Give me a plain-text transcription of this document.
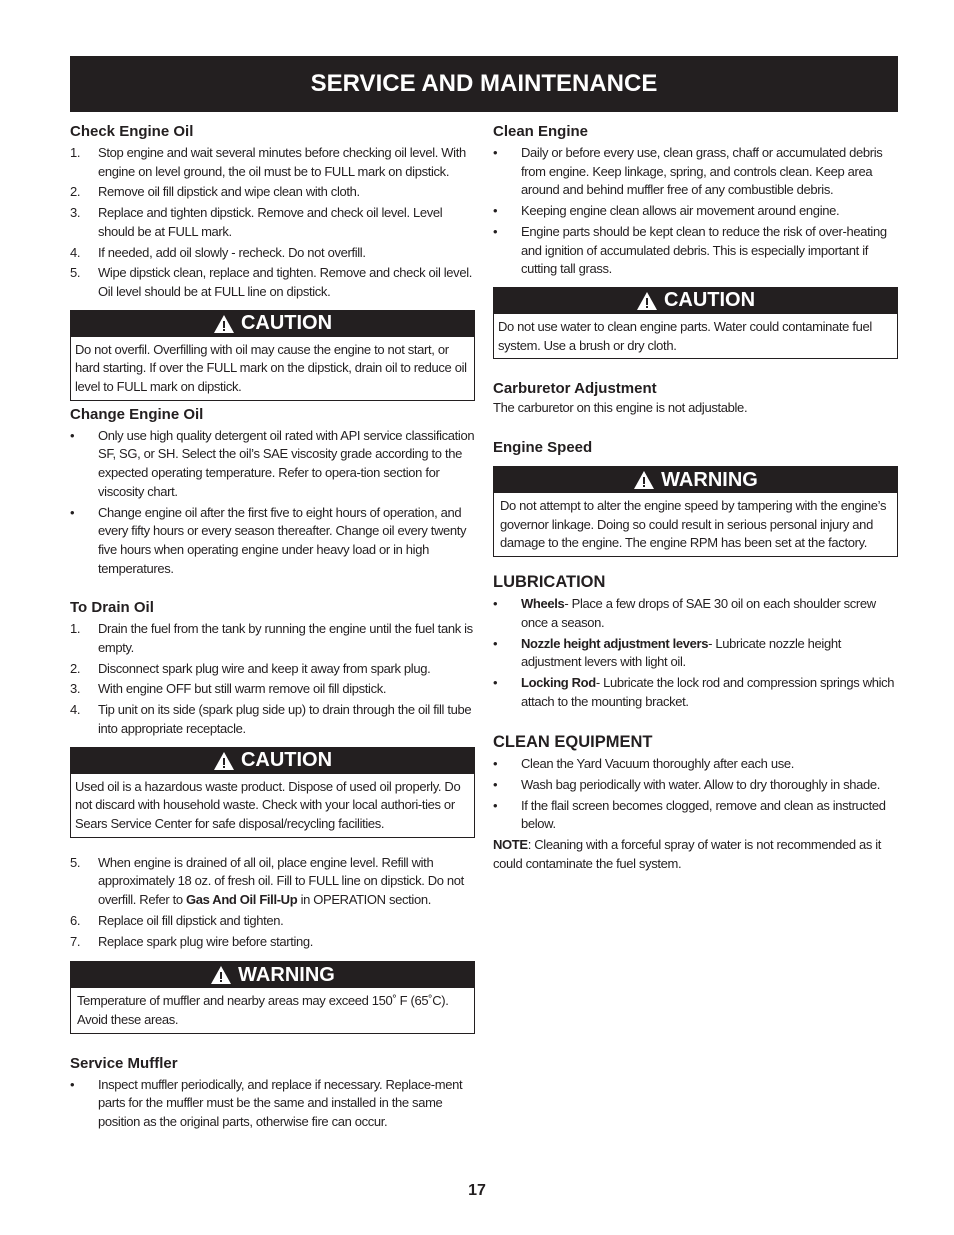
SERVICE AND MAINTENANCE
Check Engine Oil
1. Stop engine and wait several minutes before checking oil level. With engine on level ground, the oil must be to FULL mark on dipstick.
2. Remove oil fill dipstick and wipe clean with cloth.
3. Replace and tighten dipstick. Remove and check oil level. Level should be at FULL mark.
4. If needed, add oil slowly - recheck. Do not overfill.
5. Wipe dipstick clean, replace and tighten. Remove and check oil level. Oil level should be at FULL line on dipstick.
CAUTION
Do not overfil. Overfilling with oil may cause the engine to not start, or hard starting. If over the FULL mark on the dipstick, drain oil to reduce oil level to FULL mark on dipstick.
Change Engine Oil
• Only use high quality detergent oil rated with API service classification SF, SG, or SH. Select the oil’s SAE viscosity grade according to the expected operating temperature. Refer to opera-tion section for viscosity chart.
• Change engine oil after the first five to eight hours of operation, and every fifty hours or every season thereafter. Change oil every twenty five hours when operating engine under heavy load or in high temperatures.
To Drain Oil
1. Drain the fuel from the tank by running the engine until the fuel tank is empty.
2. Disconnect spark plug wire and keep it away from spark plug.
3. With engine OFF but still warm remove oil fill dipstick.
4. Tip unit on its side (spark plug side up) to drain through the oil fill tube into appropriate receptacle.
CAUTION
Used oil is a hazardous waste product. Dispose of used oil properly. Do not discard with household waste. Check with your local authori-ties or Sears Service Center for safe disposal/recycling facilities.
5. When engine is drained of all oil, place engine level. Refill with approximately 18 oz. of fresh oil. Fill to FULL line on dipstick. Do not overfill. Refer to Gas And Oil Fill-Up in OPERATION section.
6. Replace oil fill dipstick and tighten.
7. Replace spark plug wire before starting.
WARNING
Temperature of muffler and nearby areas may exceed 150˚ F (65˚C). Avoid these areas.
Service Muffler
• Inspect muffler periodically, and replace if necessary. Replace-ment parts for the muffler must be the same and installed in the same position as the original parts, otherwise fire can occur.
Clean Engine
• Daily or before every use, clean grass, chaff or accumulated debris from engine. Keep linkage, spring, and controls clean. Keep area around and behind muffler free of any combustible debris.
• Keeping engine clean allows air movement around engine.
• Engine parts should be kept clean to reduce the risk of over-heating and ignition of accumulated debris. This is especially important if cutting tall grass.
CAUTION
Do not use water to clean engine parts. Water could contaminate fuel system. Use a brush or dry cloth.
Carburetor Adjustment

The carburetor on this engine is not adjustable.

Engine Speed
WARNING
Do not attempt to alter the engine speed by tampering with the engine’s governor linkage. Doing so could result in serious personal injury and damage to the engine. The engine RPM has been set at the factory.
LUBRICATION
• Wheels- Place a few drops of SAE 30 oil on each shoulder screw once a season.
• Nozzle height adjustment levers- Lubricate nozzle height adjustment levers with light oil.
• Locking Rod- Lubricate the lock rod and compression springs which attach to the mounting bracket.
CLEAN EQUIPMENT
• Clean the Yard Vacuum thoroughly after each use.
• Wash bag periodically with water. Allow to dry thoroughly in shade.
• If the flail screen becomes clogged, remove and clean as instructed below.

NOTE: Cleaning with a forceful spray of water is not recommended as it could contaminate the fuel system.

17
